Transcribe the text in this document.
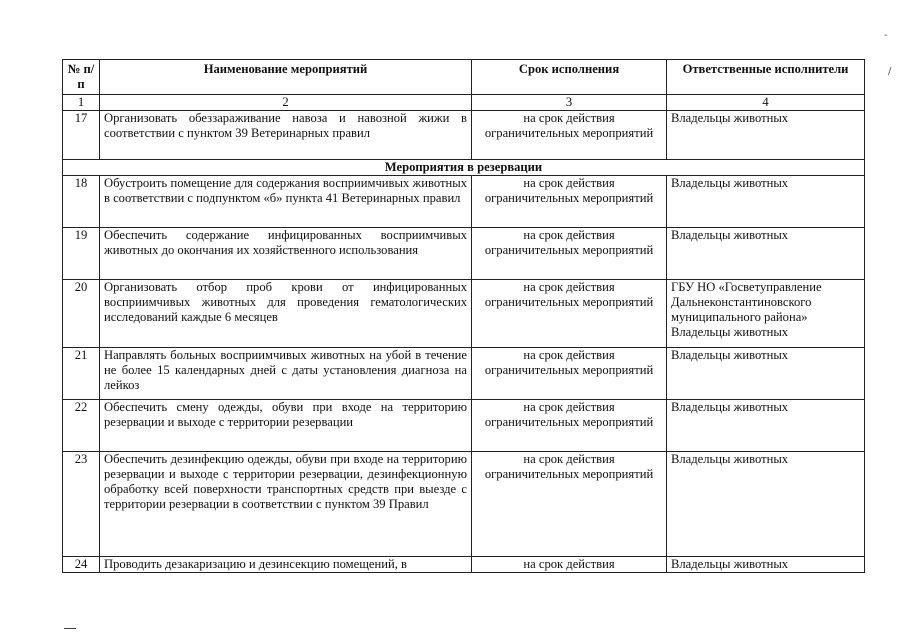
№ п/п	Наименование мероприятий	Срок исполнения	Ответственные исполнители
1	2	3	4
17	Организовать обеззараживание навоза и навозной жижи в соответствии с пунктом 39 Ветеринарных правил	на срок действия ограничительных мероприятий	Владельцы животных
Мероприятия в резервации			
18	Обустроить помещение для содержания восприимчивых животных в соответствии с подпунктом «б» пункта 41 Ветеринарных правил	на срок действия ограничительных мероприятий	Владельцы животных
19	Обеспечить содержание инфицированных восприимчивых животных до окончания их хозяйственного использования	на срок действия ограничительных мероприятий	Владельцы животных
20	Организовать отбор проб крови от инфицированных восприимчивых животных для проведения гематологических исследований каждые 6 месяцев	на срок действия ограничительных мероприятий	ГБУ НО «Госветуправление Дальнеконстантиновского муниципального района» Владельцы животных
21	Направлять больных восприимчивых животных на убой в течение не более 15 календарных дней с даты установления диагноза на лейкоз	на срок действия ограничительных мероприятий	Владельцы животных
22	Обеспечить смену одежды, обуви при входе на территорию резервации и выходе с территории резервации	на срок действия ограничительных мероприятий	Владельцы животных
23	Обеспечить дезинфекцию одежды, обуви при входе на территорию резервации и выходе с территории резервации, дезинфекционную обработку всей поверхности транспортных средств при выезде с территории резервации в соответствии с пунктом 39 Правил	на срок действия ограничительных мероприятий	Владельцы животных
24	Проводить дезакаризацию и дезинсекцию помещений, в	на срок действия	Владельцы животных
-
/
